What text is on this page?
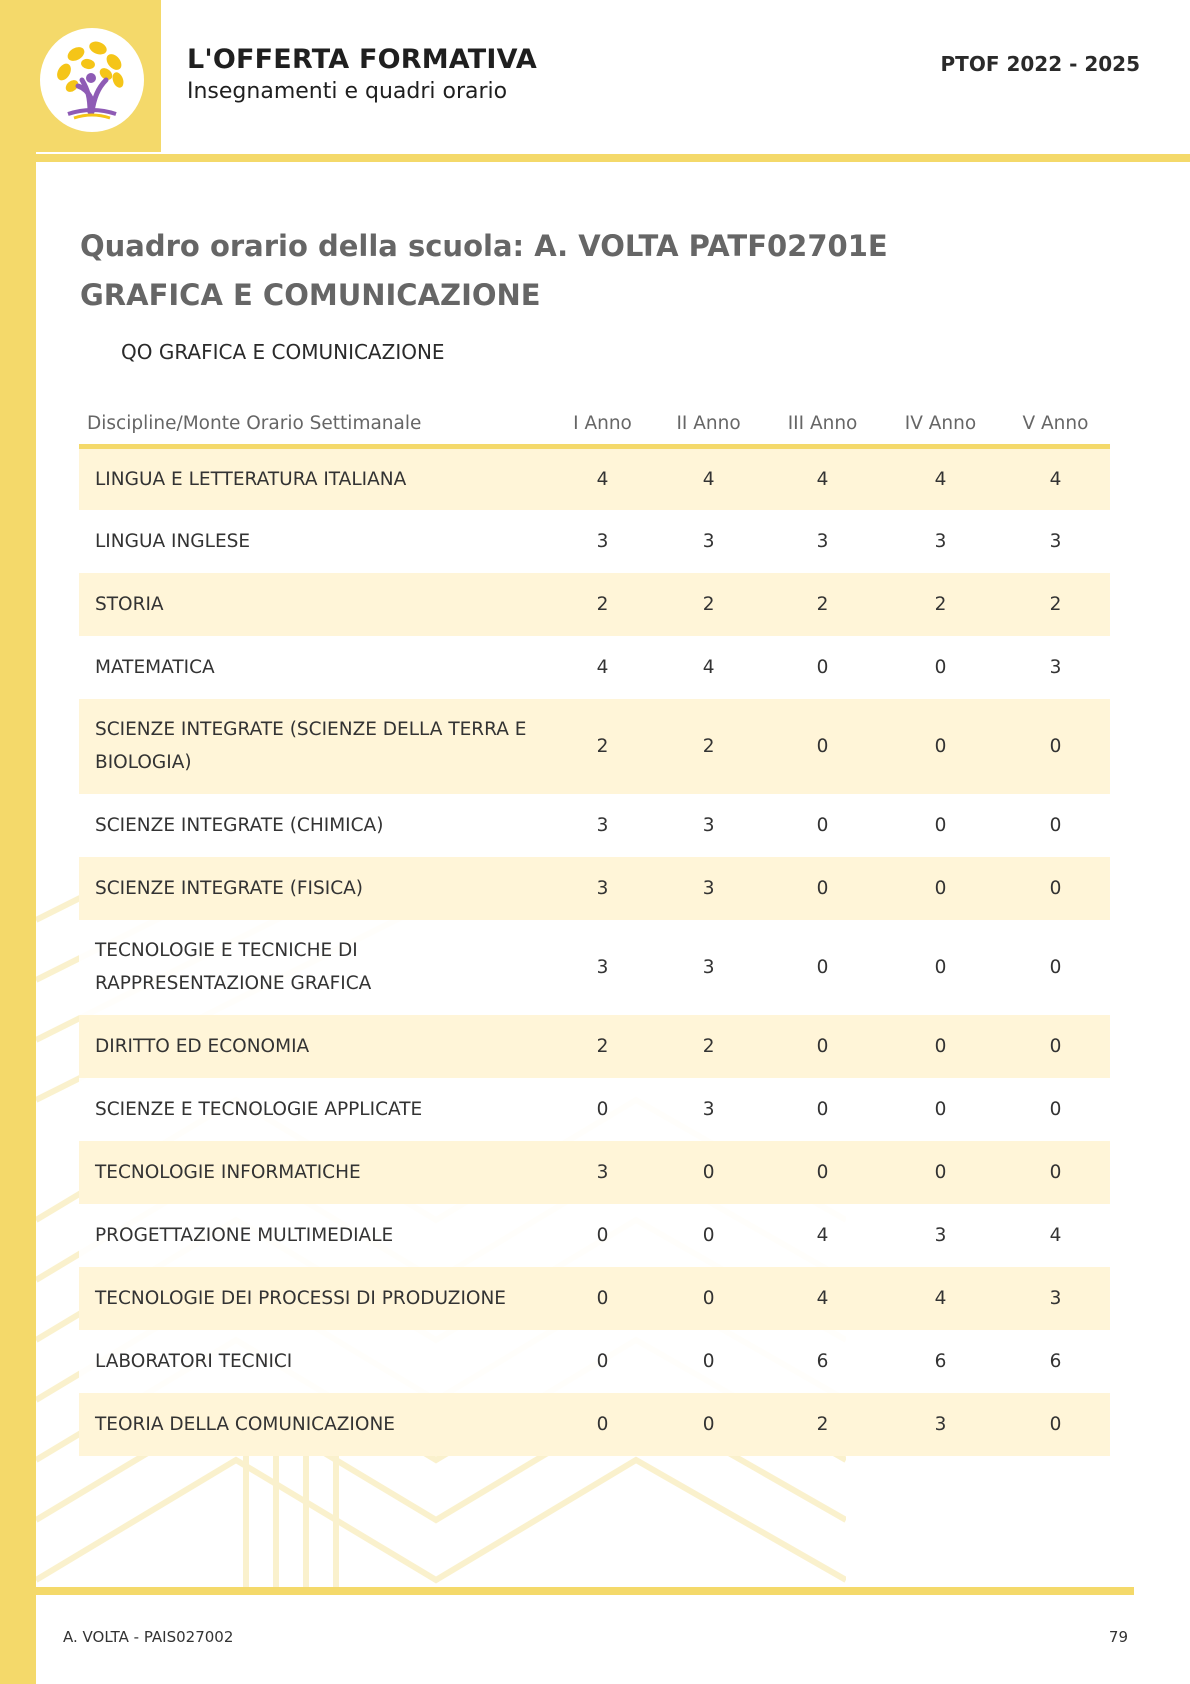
L'OFFERTA FORMATIVA
Insegnamenti e quadri orario
PTOF 2022 - 2025
Quadro orario della scuola: A. VOLTA PATF02701E GRAFICA E COMUNICAZIONE
QO GRAFICA E COMUNICAZIONE
Discipline/Monte Orario Settimanale	I Anno	II Anno	III Anno	IV Anno	V Anno
LINGUA E LETTERATURA ITALIANA	4	4	4	4	4
LINGUA INGLESE	3	3	3	3	3
STORIA	2	2	2	2	2
MATEMATICA	4	4	0	0	3
SCIENZE INTEGRATE (SCIENZE DELLA TERRA E BIOLOGIA)	2	2	0	0	0
SCIENZE INTEGRATE (CHIMICA)	3	3	0	0	0
SCIENZE INTEGRATE (FISICA)	3	3	0	0	0
TECNOLOGIE E TECNICHE DI RAPPRESENTAZIONE GRAFICA	3	3	0	0	0
DIRITTO ED ECONOMIA	2	2	0	0	0
SCIENZE E TECNOLOGIE APPLICATE	0	3	0	0	0
TECNOLOGIE INFORMATICHE	3	0	0	0	0
PROGETTAZIONE MULTIMEDIALE	0	0	4	3	4
TECNOLOGIE DEI PROCESSI DI PRODUZIONE	0	0	4	4	3
LABORATORI TECNICI	0	0	6	6	6
TEORIA DELLA COMUNICAZIONE	0	0	2	3	0
A. VOLTA - PAIS027002	79
